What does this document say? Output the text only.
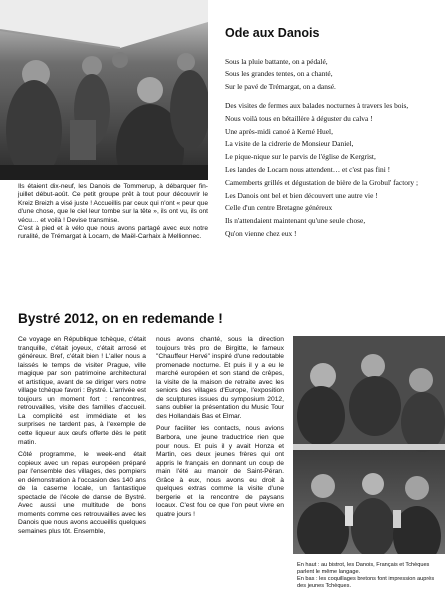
Ils étaient dix-neuf, les Danois de Tommerup, à débarquer fin-juillet début-août. Ce petit groupe prêt à tout pour découvrir le Kreiz Breizh a visé juste ! Accueillis par ceux qui n'ont « peur que d'une chose, que le ciel leur tombe sur la tête », ils ont vu, ils ont vécu… et voilà ! Devise transmise.

C'est à pied et à vélo que nous avons partagé avec eux notre ruralité, de Trémargat à Locarn, de Maël-Carhaix à Mellionnec.

Ode aux Danois
Sous la pluie battante, on a pédalé,
Sous les grandes tentes, on a chanté,
Sur le pavé de Trémargat, on a dansé.
Des visites de fermes aux balades nocturnes à travers les bois,
Nous voilà tous en bétaillère à déguster du calva !
Une après-midi canoé à Kerné Huel,
La visite de la cidrerie de Monsieur Daniel,
Le pique-nique sur le parvis de l'église de Kergrist,
Les landes de Locarn nous attendent… et c'est pas fini !
Camemberts grillés et dégustation de bière de la Grobul' factory ;
Les Danois ont bel et bien découvert une autre vie !
Celle d'un centre Bretagne généreux
Ils n'attendaient maintenant qu'une seule chose,
Qu'on vienne chez eux !
Bystré 2012, on en redemande !

Ce voyage en République tchèque, c'était tranquille, c'était joyeux, c'était arrosé et généreux. Bref, c'était bien ! L'aller nous a laissés le temps de visiter Prague, ville magique par son patrimoine architectural et artistique, avant de se diriger vers notre village tchèque favori : Bystré. L'arrivée est toujours un moment fort : rencontres, retrouvailles, visite des familles d'accueil. La complicité est immédiate et les surprises ne tardent pas, à l'exemple de cette liqueur aux œufs offerte dès le petit matin.

Côté programme, le week-end était copieux avec un repas européen préparé par l'ensemble des villages, des pompiers en démonstration à l'occasion des 140 ans de la caserne locale, un fantastique spectacle de l'école de danse de Bystré. Avec aussi une multitude de bons moments comme ces retrouvailles avec les Danois que nous avons accueillis quelques semaines plus tôt. Ensemble,

nous avons chanté, sous la direction toujours très pro de Birgitte, le fameux "Chauffeur Hervé" inspiré d'une redoutable promenade nocturne. Et puis il y a eu le marché européen et son stand de crêpes, la visite de la maison de retraite avec les seniors des villages d'Europe, l'exposition de sculptures issues du symposium 2012, sans oublier la présentation du Music Tour des Hollandais Bas et Elmar.

Pour faciliter les contacts, nous avions Barbora, une jeune traductrice rien que pour nous. Et puis il y avait Honza et Martin, ces deux jeunes frères qui ont appris le français en donnant un coup de main l'été au manoir de Saint-Péran. Grâce à eux, nous avons eu droit à quelques extras comme la visite d'une bergerie et la rencontre de paysans locaux. C'est fou ce que l'on peut vivre en quatre jours !

En haut : au bistrot, les Danois, Français et Tchèques parlent le même langage.

En bas : les coquillages bretons font impression auprès des jeunes Tchèques.
